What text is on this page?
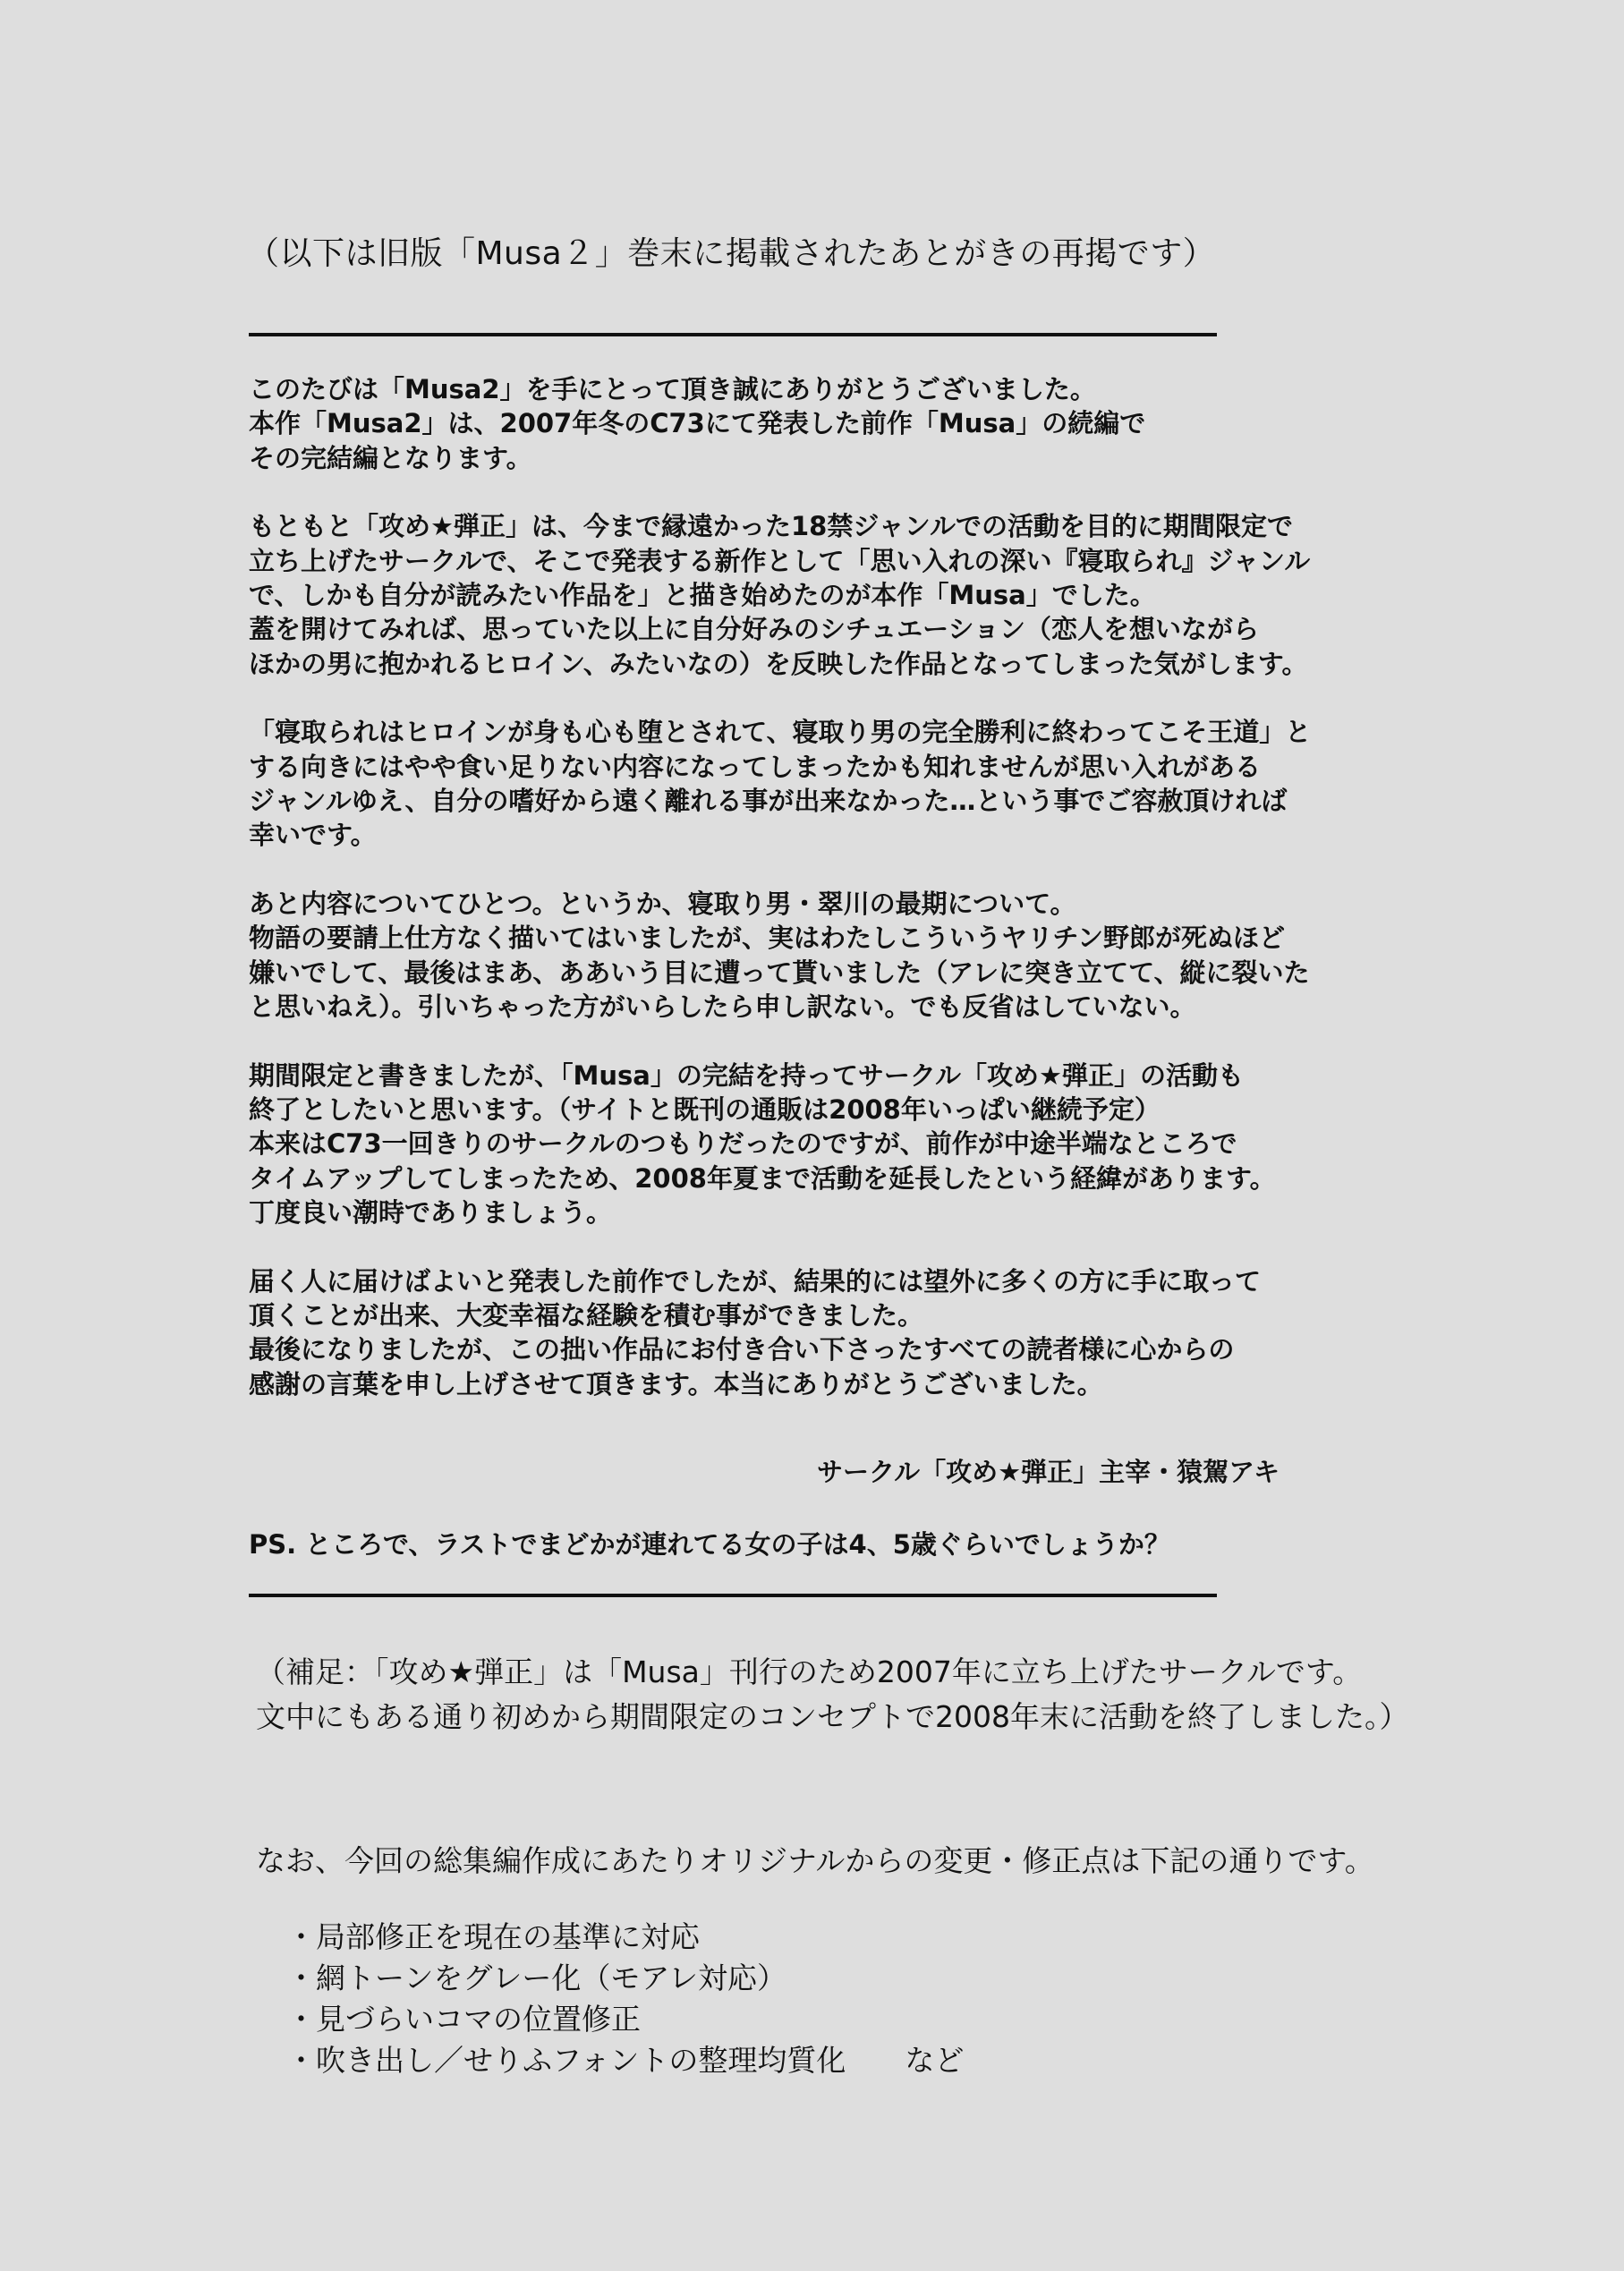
（以下は旧版「Musa２」巻末に掲載されたあとがきの再掲です）
このたびは「Musa2」を手にとって頂き誠にありがとうございました。
本作「Musa2」は、2007年冬のC73にて発表した前作「Musa」の続編で
その完結編となります。
もともと「攻め★弾正」は、今まで縁遠かった18禁ジャンルでの活動を目的に期間限定で
立ち上げたサークルで、そこで発表する新作として「思い入れの深い『寝取られ』ジャンル
で、しかも自分が読みたい作品を」と描き始めたのが本作「Musa」でした。
蓋を開けてみれば、思っていた以上に自分好みのシチュエーション（恋人を想いながら
ほかの男に抱かれるヒロイン、みたいなの）を反映した作品となってしまった気がします。
「寝取られはヒロインが身も心も堕とされて、寝取り男の完全勝利に終わってこそ王道」と
する向きにはやや食い足りない内容になってしまったかも知れませんが思い入れがある
ジャンルゆえ、自分の嗜好から遠く離れる事が出来なかった…という事でご容赦頂ければ
幸いです。
あと内容についてひとつ。というか、寝取り男・翠川の最期について。
物語の要請上仕方なく描いてはいましたが、実はわたしこういうヤリチン野郎が死ぬほど
嫌いでして、最後はまあ、ああいう目に遭って貰いました（アレに突き立てて、縦に裂いた
と思いねえ）。引いちゃった方がいらしたら申し訳ない。でも反省はしていない。
期間限定と書きましたが、「Musa」の完結を持ってサークル「攻め★弾正」の活動も
終了としたいと思います。（サイトと既刊の通販は2008年いっぱい継続予定）
本来はC73一回きりのサークルのつもりだったのですが、前作が中途半端なところで
タイムアップしてしまったため、2008年夏まで活動を延長したという経緯があります。
丁度良い潮時でありましょう。
届く人に届けばよいと発表した前作でしたが、結果的には望外に多くの方に手に取って
頂くことが出来、大変幸福な経験を積む事ができました。
最後になりましたが、この拙い作品にお付き合い下さったすべての読者様に心からの
感謝の言葉を申し上げさせて頂きます。本当にありがとうございました。
サークル「攻め★弾正」主宰・猿駕アキ
PS. ところで、ラストでまどかが連れてる女の子は4、5歳ぐらいでしょうか？
（補足：「攻め★弾正」は「Musa」刊行のため2007年に立ち上げたサークルです。
文中にもある通り初めから期間限定のコンセプトで2008年末に活動を終了しました。）
なお、今回の総集編作成にあたりオリジナルからの変更・修正点は下記の通りです。
・局部修正を現在の基準に対応
・網トーンをグレー化（モアレ対応）
・見づらいコマの位置修正
・吹き出し／せりふフォントの整理均質化　　など
